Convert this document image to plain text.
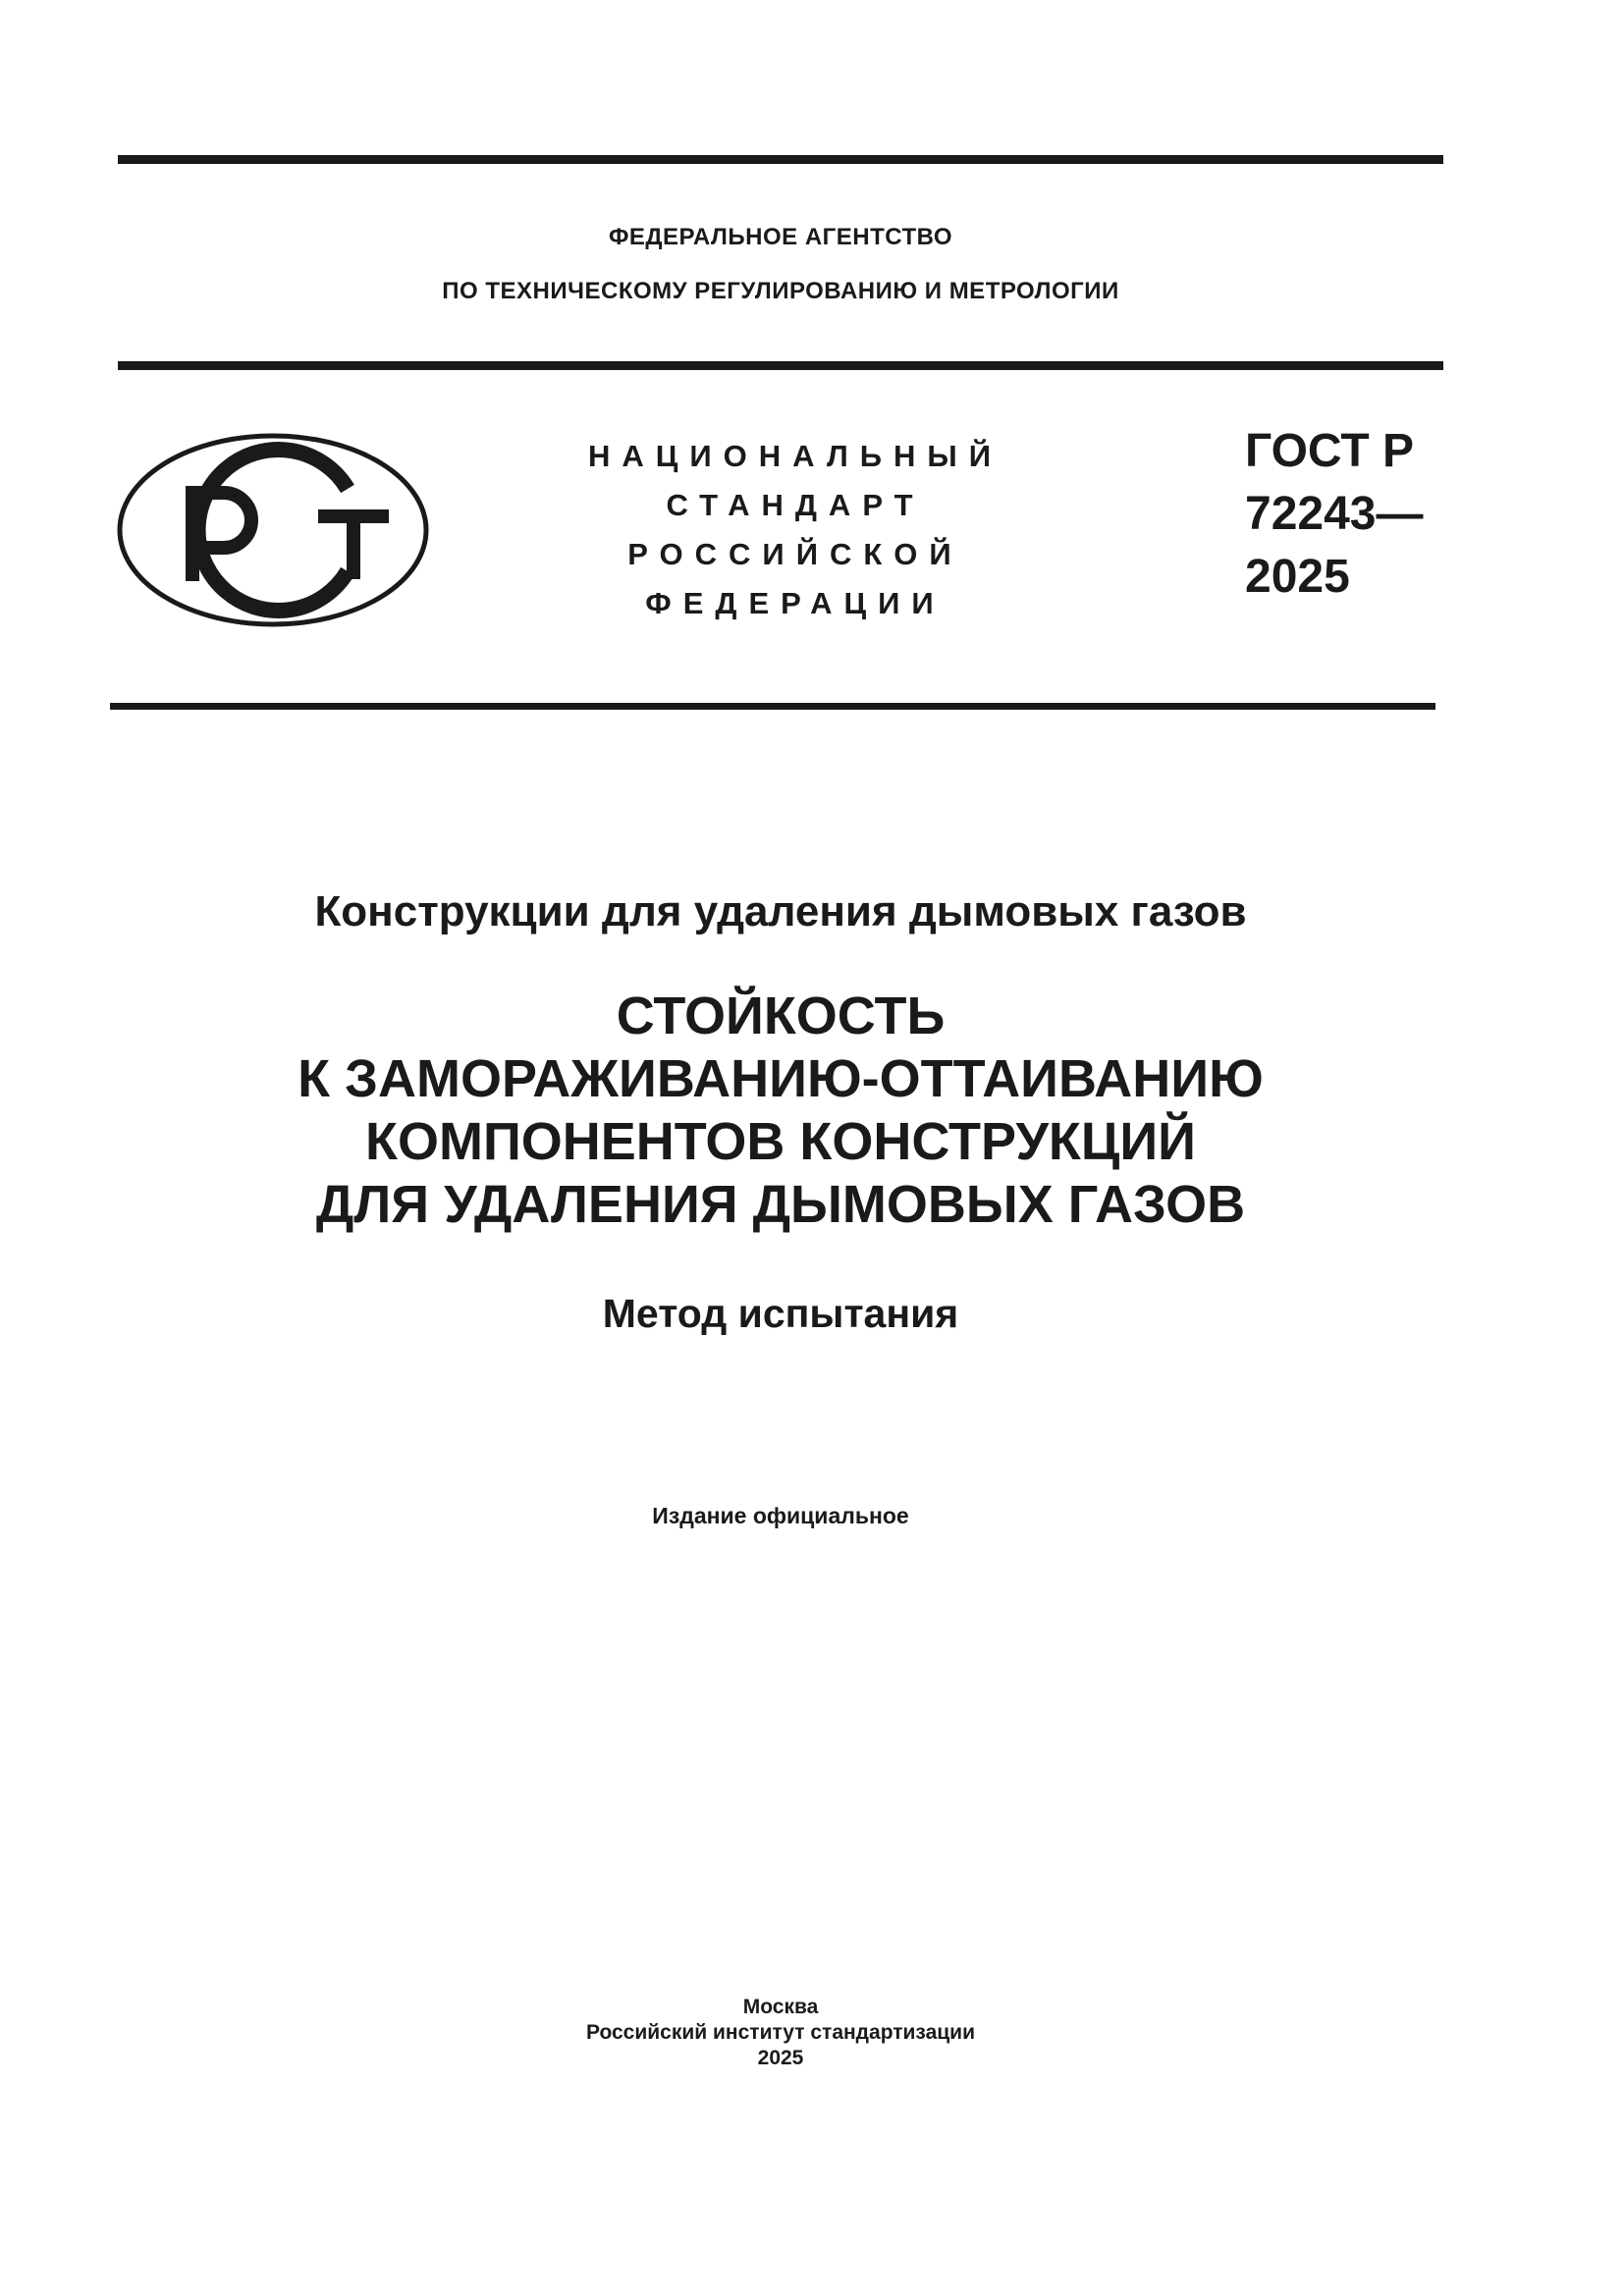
ФЕДЕРАЛЬНОЕ АГЕНТСТВО
ПО ТЕХНИЧЕСКОМУ РЕГУЛИРОВАНИЮ И МЕТРОЛОГИИ
НАЦИОНАЛЬНЫЙ
СТАНДАРТ
РОССИЙСКОЙ
ФЕДЕРАЦИИ
ГОСТ Р
72243—
2025
Конструкции для удаления дымовых газов
СТОЙКОСТЬ
К ЗАМОРАЖИВАНИЮ-ОТТАИВАНИЮ
КОМПОНЕНТОВ КОНСТРУКЦИЙ
ДЛЯ УДАЛЕНИЯ ДЫМОВЫХ ГАЗОВ
Метод испытания
Издание официальное
Москва
Российский институт стандартизации
2025
